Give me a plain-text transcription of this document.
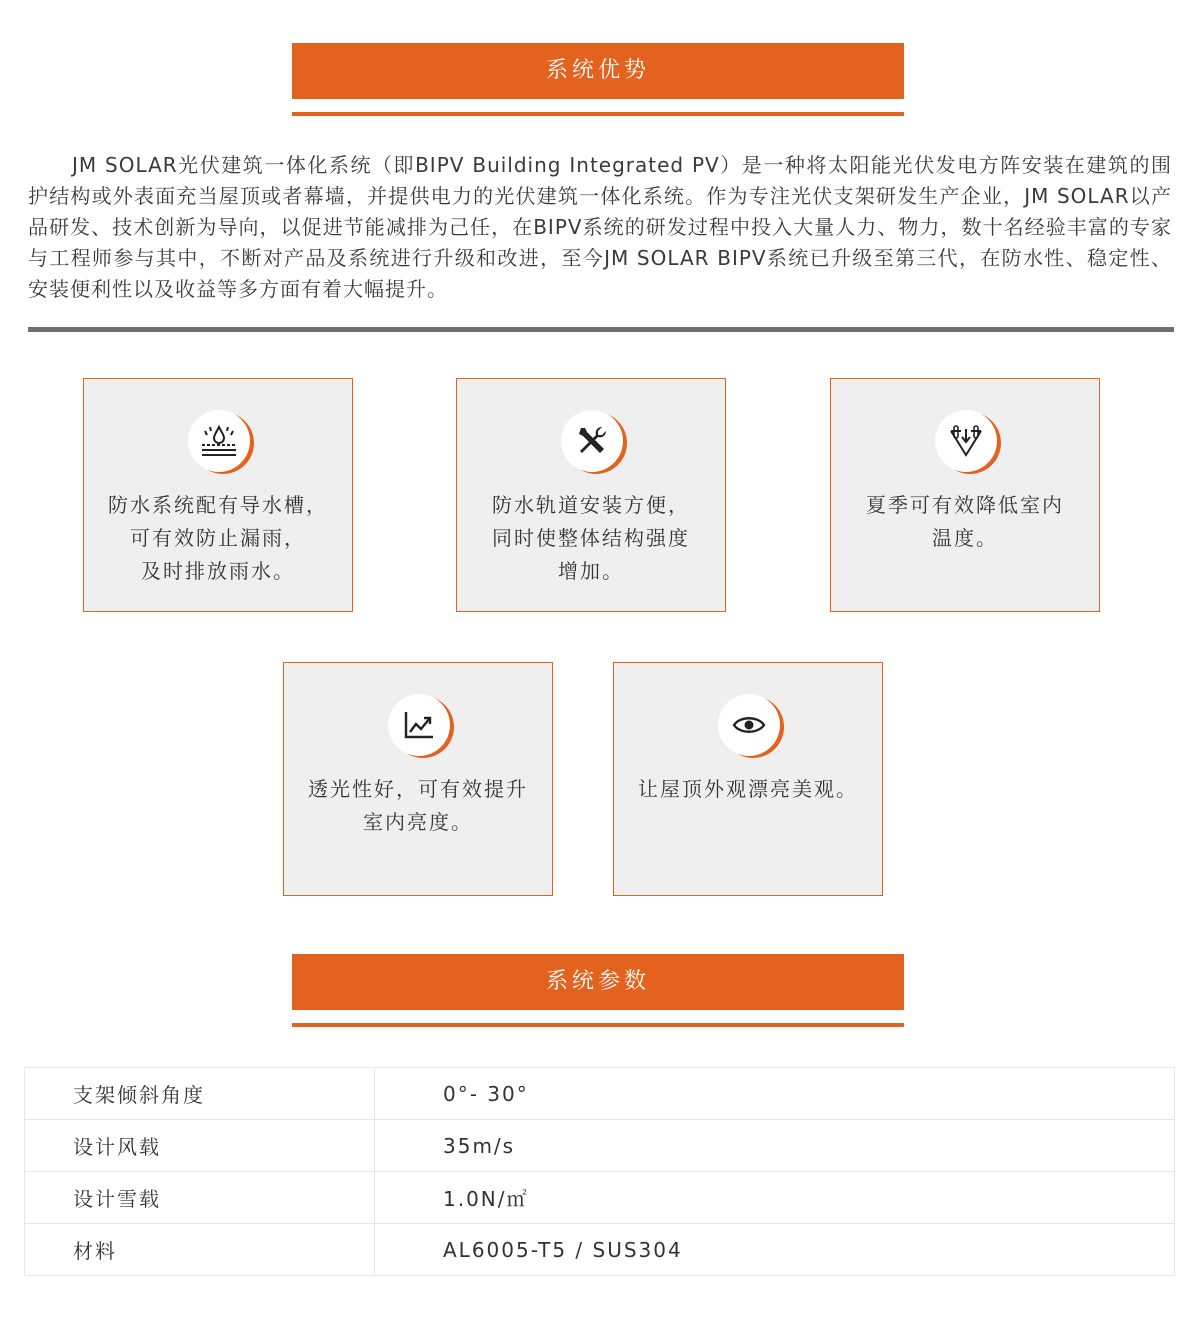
系统优势
JM SOLAR光伏建筑一体化系统（即BIPV Building Integrated PV）是一种将太阳能光伏发电方阵安装在建筑的围护结构或外表面充当屋顶或者幕墙，并提供电力的光伏建筑一体化系统。作为专注光伏支架研发生产企业，JM SOLAR以产品研发、技术创新为导向，以促进节能减排为己任，在BIPV系统的研发过程中投入大量人力、物力，数十名经验丰富的专家与工程师参与其中，不断对产品及系统进行升级和改进，至今JM SOLAR BIPV系统已升级至第三代，在防水性、稳定性、安装便利性以及收益等多方面有着大幅提升。
防水系统配有导水槽，
可有效防止漏雨，
及时排放雨水。
防水轨道安装方便，
同时使整体结构强度
增加。
夏季可有效降低室内
温度。
透光性好，可有效提升
室内亮度。
让屋顶外观漂亮美观。
系统参数
支架倾斜角度	0°- 30°
设计风载	35m/s
设计雪载	1.0N/㎡
材料	AL6005-T5 / SUS304
